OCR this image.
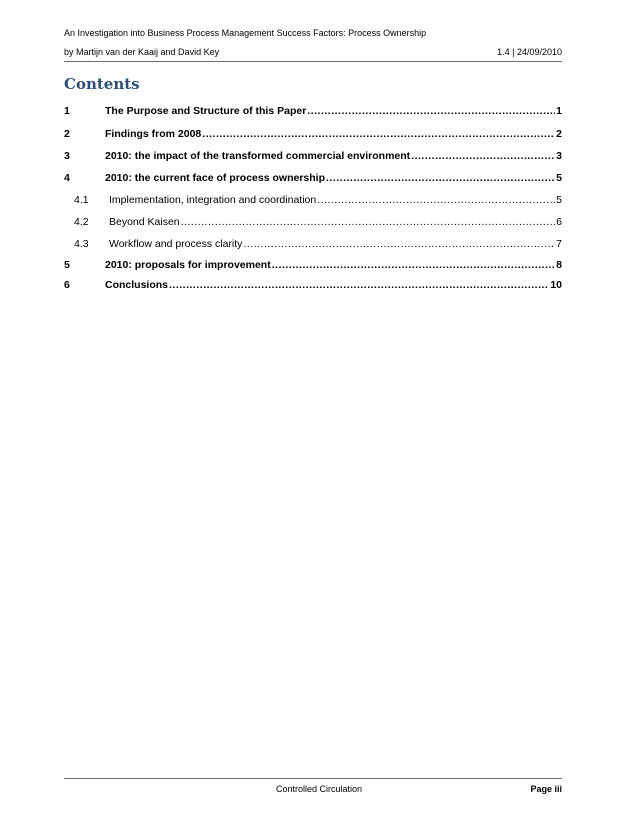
An Investigation into Business Process Management Success Factors: Process Ownership
by Martijn van der Kaaij and David Key	1.4 | 24/09/2010
Contents
1	The Purpose and Structure of this Paper .....	1
2	Findings from 2008 .....	2
3	2010: the impact of the transformed commercial environment .....	3
4	2010: the current face of process ownership .....	5
4.1	Implementation, integration and coordination .....	5
4.2	Beyond Kaisen .....	6
4.3	Workflow and process clarity .....	7
5	2010: proposals for improvement .....	8
6	Conclusions .....	10
Controlled Circulation	Page iii
